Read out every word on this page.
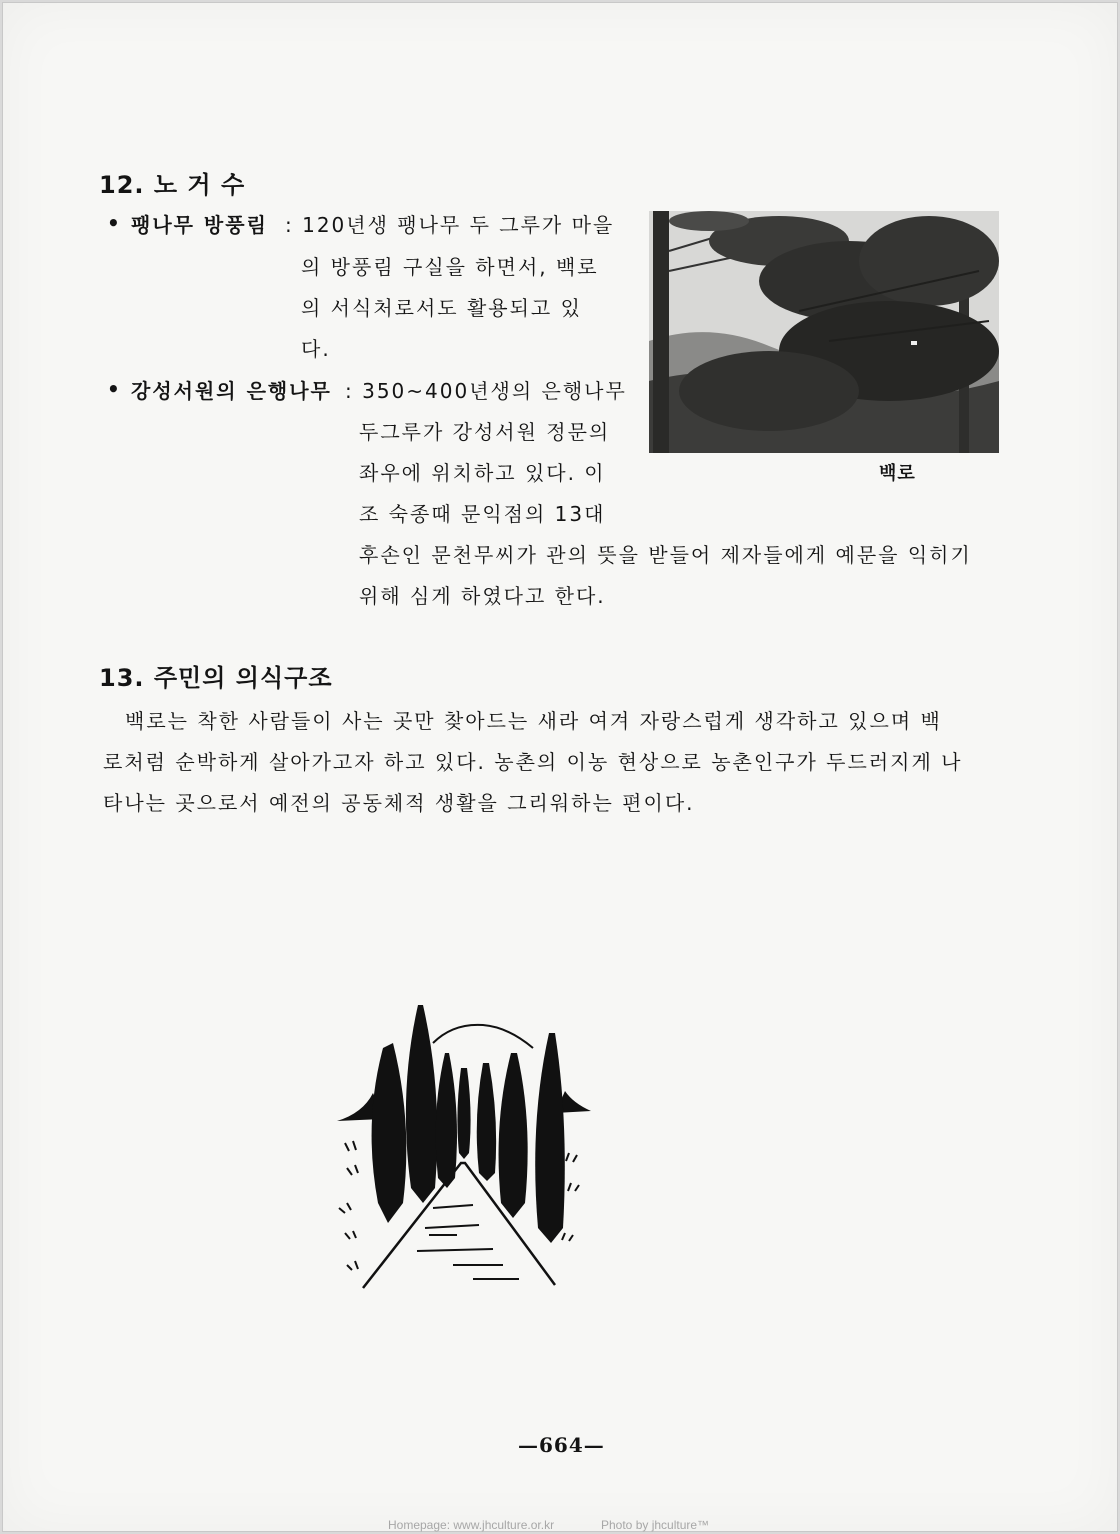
12. 노 거 수
• 팽나무 방풍림 : 120년생 팽나무 두 그루가 마을
의 방풍림 구실을 하면서, 백로
의 서식처로서도 활용되고 있
다.
• 강성서원의 은행나무 : 350~400년생의 은행나무
두그루가 강성서원 정문의
좌우에 위치하고 있다. 이
조 숙종때 문익점의 13대
후손인 문천무씨가 관의 뜻을 받들어 제자들에게 예문을 익히기
위해 심게 하였다고 한다.
백로
13. 주민의 의식구조
백로는 착한 사람들이 사는 곳만 찾아드는 새라 여겨 자랑스럽게 생각하고 있으며 백
로처럼 순박하게 살아가고자 하고 있다. 농촌의 이농 현상으로 농촌인구가 두드러지게 나
타나는 곳으로서 예전의 공동체적 생활을 그리워하는 편이다.
—664—
Homepage: www.jhculture.or.kr	Photo by jhculture™
